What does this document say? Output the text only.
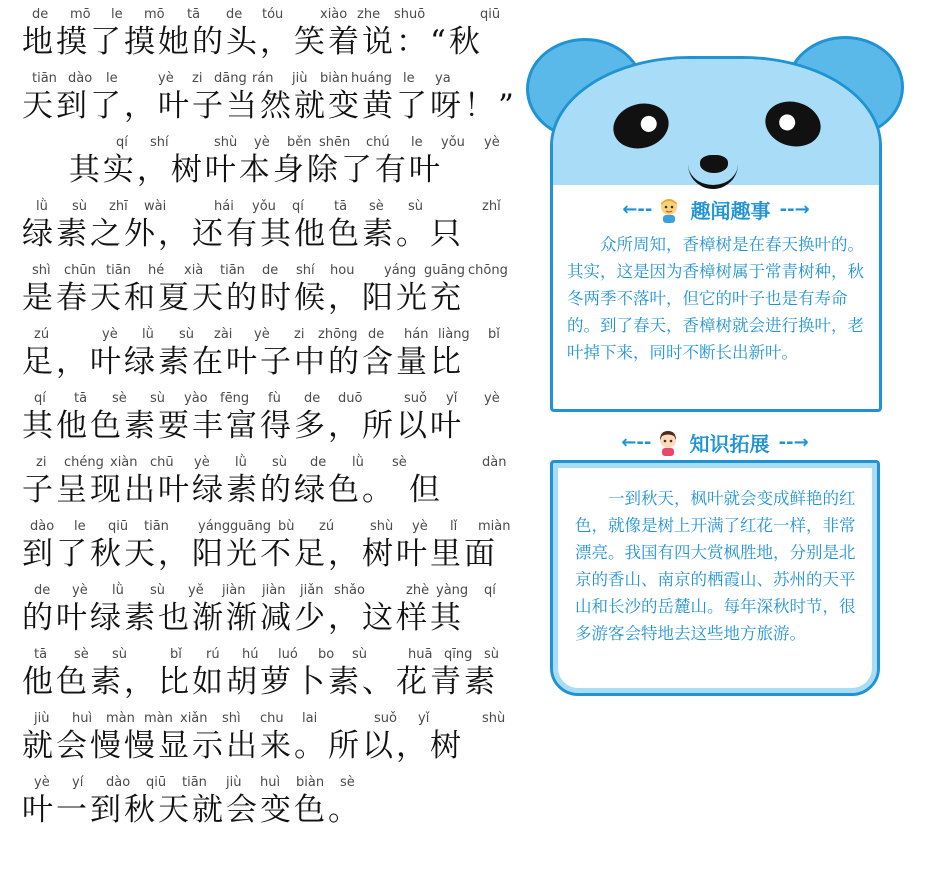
de mō le mō tā de tóu	xiào zhe shuō	qiū
地摸了摸她的头，笑着说：“秋
tiān dào le	yè zi dāng rán jiù biàn huáng le ya
天到了，叶子当然就变黄了呀！”
qí shí	shù yè běn shēn chú le yǒu yè
　 其实，树叶本身除了有叶
lǜ sù zhī wài	hái yǒu qí tā sè sù	zhǐ
绿素之外，还有其他色素。只
shì chūn tiān hé xià tiān de shí hou yáng guāng chōng
是春天和夏天的时候，阳光充
zú	yè lǜ sù zài yè zi zhōng de hán liàng bǐ
足，叶绿素在叶子中的含量比
qí tā sè sù yào fēng fù de duō	suǒ yǐ yè
其他色素要丰富得多，所以叶
zi chéng xiàn chū yè lǜ sù de lǜ sè	dàn
子呈现出叶绿素的绿色。 但
dào le qiū tiān yáng guāng bù zú	shù yè lǐ miàn
到了秋天，阳光不足，树叶里面
de yè lǜ sù yě jiàn jiàn jiǎn shǎo	zhè yàng qí
的叶绿素也渐渐减少，这样其
tā sè sù	bǐ rú hú luó bo sù	huā qīng sù
他色素，比如胡萝卜素、花青素
jiù huì màn màn xiǎn shì chu lai	suǒ yǐ	shù
就会慢慢显示出来。所以，树
yè yí dào qiū tiān jiù huì biàn sè
叶一到秋天就会变色。
←-- 趣闻趣事 --→
众所周知，香樟树是在春天换叶的。其实，这是因为香樟树属于常青树种，秋冬两季不落叶，但它的叶子也是有寿命的。到了春天，香樟树就会进行换叶，老叶掉下来，同时不断长出新叶。
←-- 知识拓展 --→
一到秋天，枫叶就会变成鲜艳的红色，就像是树上开满了红花一样，非常漂亮。我国有四大赏枫胜地，分别是北京的香山、南京的栖霞山、苏州的天平山和长沙的岳麓山。每年深秋时节，很多游客会特地去这些地方旅游。
